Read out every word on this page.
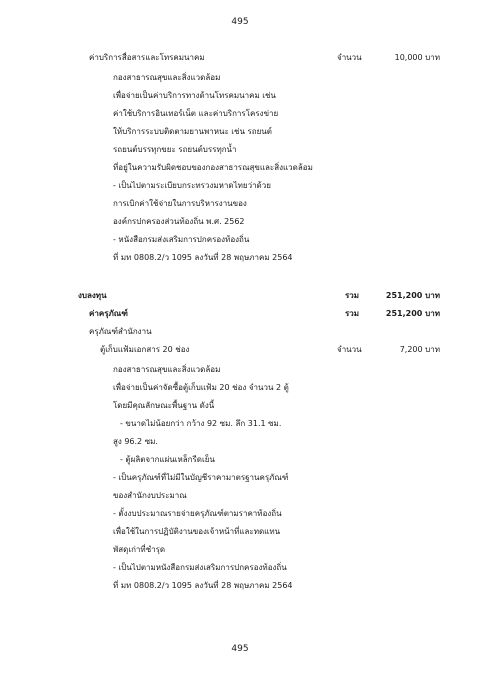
495
ค่าบริการสื่อสารและโทรคมนาคม	จำนวน	10,000 บาท
กองสาธารณสุขและสิ่งแวดล้อม
เพื่อจ่ายเป็นค่าบริการทางด้านโทรคมนาคม เช่น
ค่าใช้บริการอินเทอร์เน็ต และค่าบริการโครงข่าย
ให้บริการระบบติดตามยานพาหนะ เช่น รถยนต์
รถยนต์บรรทุกขยะ รถยนต์บรรทุกน้ำ
ที่อยู่ในความรับผิดชอบของกองสาธารณสุขและสิ่งแวดล้อม
- เป็นไปตามระเบียบกระทรวงมหาดไทยว่าด้วย
การเบิกค่าใช้จ่ายในการบริหารงานของ
องค์กรปกครองส่วนท้องถิ่น พ.ศ. 2562
- หนังสือกรมส่งเสริมการปกครองท้องถิ่น
ที่ มท 0808.2/ว 1095 ลงวันที่ 28 พฤษภาคม 2564
งบลงทุน	รวม	251,200 บาท
ค่าครุภัณฑ์	รวม	251,200 บาท
ครุภัณฑ์สำนักงาน
ตู้เก็บแฟ้มเอกสาร 20 ช่อง	จำนวน	7,200 บาท
กองสาธารณสุขและสิ่งแวดล้อม
เพื่อจ่ายเป็นค่าจัดซื้อตู้เก็บแฟ้ม 20 ช่อง จำนวน 2 ตู้
โดยมีคุณลักษณะพื้นฐาน ดังนี้
- ขนาดไม่น้อยกว่า กว้าง 92 ซม. ลึก 31.1 ซม.
สูง 96.2 ซม.
- ตู้ผลิตจากแผ่นเหล็กรีดเย็น
- เป็นครุภัณฑ์ที่ไม่มีในบัญชีราคามาตรฐานครุภัณฑ์
ของสำนักงบประมาณ
- ตั้งงบประมาณรายจ่ายครุภัณฑ์ตามราคาท้องถิ่น
เพื่อใช้ในการปฏิบัติงานของเจ้าหน้าที่และทดแทน
พัสดุเก่าที่ชำรุด
- เป็นไปตามหนังสือกรมส่งเสริมการปกครองท้องถิ่น
ที่ มท 0808.2/ว 1095 ลงวันที่ 28 พฤษภาคม 2564
495
